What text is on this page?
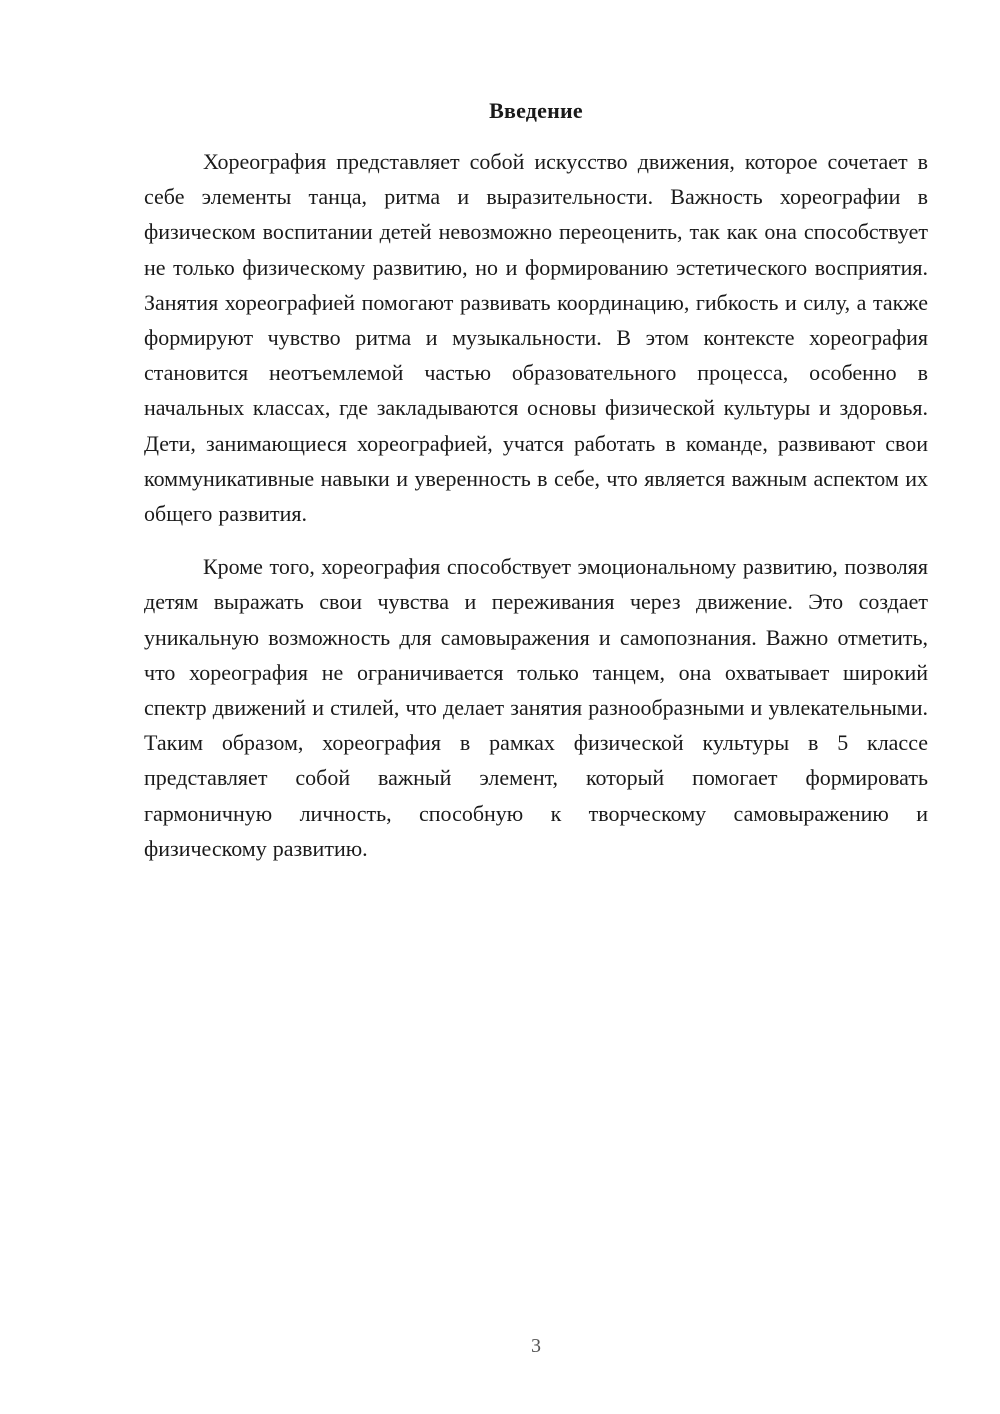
Введение

Хореография представляет собой искусство движения, которое сочетает в себе элементы танца, ритма и выразительности. Важность хореографии в физическом воспитании детей невозможно переоценить, так как она способствует не только физическому развитию, но и формированию эстетического восприятия. Занятия хореографией помогают развивать координацию, гибкость и силу, а также формируют чувство ритма и музыкальности. В этом контексте хореография становится неотъемлемой частью образовательного процесса, особенно в начальных классах, где закладываются основы физической культуры и здоровья. Дети, занимающиеся хореографией, учатся работать в команде, развивают свои коммуникативные навыки и уверенность в себе, что является важным аспектом их общего развития.

Кроме того, хореография способствует эмоциональному развитию, позволяя детям выражать свои чувства и переживания через движение. Это создает уникальную возможность для самовыражения и самопознания. Важно отметить, что хореография не ограничивается только танцем, она охватывает широкий спектр движений и стилей, что делает занятия разнообразными и увлекательными. Таким образом, хореография в рамках физической культуры в 5 классе представляет собой важный элемент, который помогает формировать гармоничную личность, способную к творческому самовыражению и физическому развитию.

3
